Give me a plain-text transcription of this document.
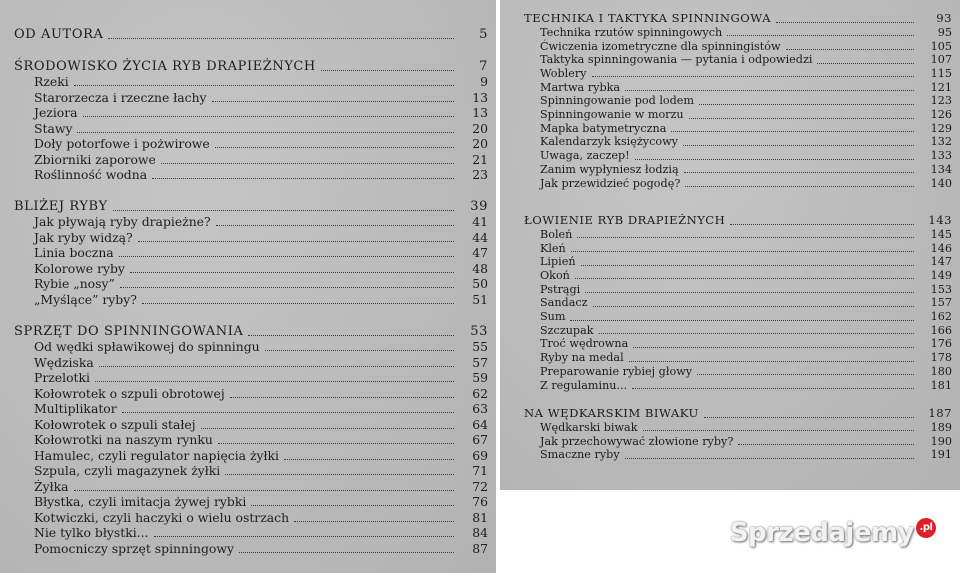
OD AUTORA	5
ŚRODOWISKO ŻYCIA RYB DRAPIEŻNYCH	7
Rzeki	9
Starorzecza i rzeczne łachy	13
Jeziora	13
Stawy	20
Doły potorfowe i pożwirowe	20
Zbiorniki zaporowe	21
Roślinność wodna	23
BLIŻEJ RYBY	39
Jak pływają ryby drapieżne?	41
Jak ryby widzą?	44
Linia boczna	47
Kolorowe ryby	48
Rybie „nosy”	50
„Myślące” ryby?	51
SPRZĘT DO SPINNINGOWANIA	53
Od wędki spławikowej do spinningu	55
Wędziska	57
Przelotki	59
Kołowrotek o szpuli obrotowej	62
Multiplikator	63
Kołowrotek o szpuli stałej	64
Kołowrotki na naszym rynku	67
Hamulec, czyli regulator napięcia żyłki	69
Szpula, czyli magazynek żyłki	71
Żyłka	72
Błystka, czyli imitacja żywej rybki	76
Kotwiczki, czyli haczyki o wielu ostrzach	81
Nie tylko błystki...	84
Pomocniczy sprzęt spinningowy	87
TECHNIKA I TAKTYKA SPINNINGOWA	93
Technika rzutów spinningowych	95
Ćwiczenia izometryczne dla spinningistów	105
Taktyka spinningowania — pytania i odpowiedzi	107
Woblery	115
Martwa rybka	121
Spinningowanie pod lodem	123
Spinningowanie w morzu	126
Mapka batymetryczna	129
Kalendarzyk księżycowy	132
Uwaga, zaczep!	133
Zanim wypłyniesz łodzią	134
Jak przewidzieć pogodę?	140
ŁOWIENIE RYB DRAPIEŻNYCH	143
Boleń	145
Kleń	146
Lipień	147
Okoń	149
Pstrągi	153
Sandacz	157
Sum	162
Szczupak	166
Troć wędrowna	176
Ryby na medal	178
Preparowanie rybiej głowy	180
Z regulaminu...	181
NA WĘDKARSKIM BIWAKU	187
Wędkarski biwak	189
Jak przechowywać złowione ryby?	190
Smaczne ryby	191
Sprzedajemy .pl
